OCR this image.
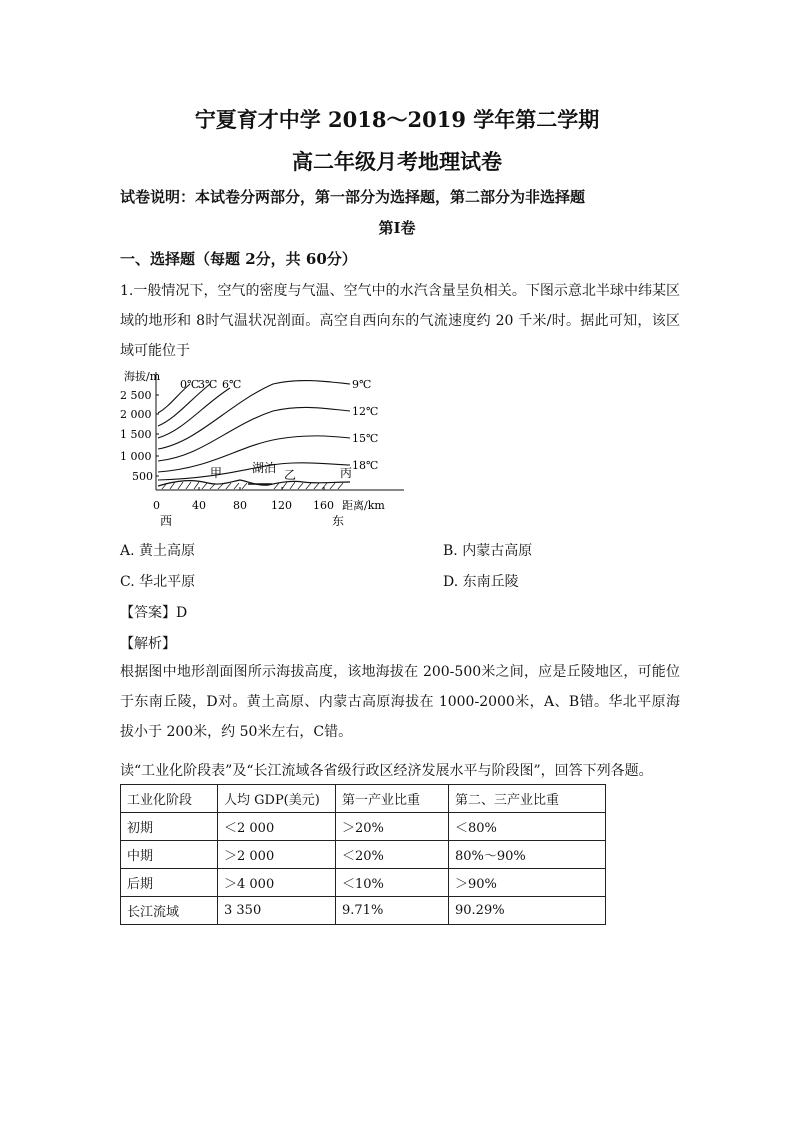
宁夏育才中学 2018～2019 学年第二学期
高二年级月考地理试卷
试卷说明：本试卷分两部分，第一部分为选择题，第二部分为非选择题
第Ⅰ卷
一、选择题（每题 2分，共 60分）
1.一般情况下，空气的密度与气温、空气中的水汽含量呈负相关。下图示意北半球中纬某区域的地形和 8时气温状况剖面。高空自西向东的气流速度约 20 千米/时。据此可知，该区域可能位于
海拔/m
2 500
2 000
1 500
1 000
500
0	40 80 120 160 距离/km
西	东
0℃
3℃ 6℃	9℃
12℃
15℃
18℃
甲 湖泊 乙	丙
A. 黄土高原	B. 内蒙古高原
C. 华北平原	D. 东南丘陵
【答案】D
【解析】
根据图中地形剖面图所示海拔高度，该地海拔在 200-500米之间，应是丘陵地区，可能位于东南丘陵，D对。黄土高原、内蒙古高原海拔在 1000-2000米，A、B错。华北平原海拔小于 200米，约 50米左右，C错。
读“工业化阶段表”及“长江流域各省级行政区经济发展水平与阶段图”，回答下列各题。
工业化阶段	人均 GDP(美元)	第一产业比重	第二、三产业比重
初期	＜2 000	＞20%	＜80%
中期	＞2 000	＜20%	80%～90%
后期	＞4 000	＜10%	＞90%
长江流域	3 350	9.71%	90.29%
